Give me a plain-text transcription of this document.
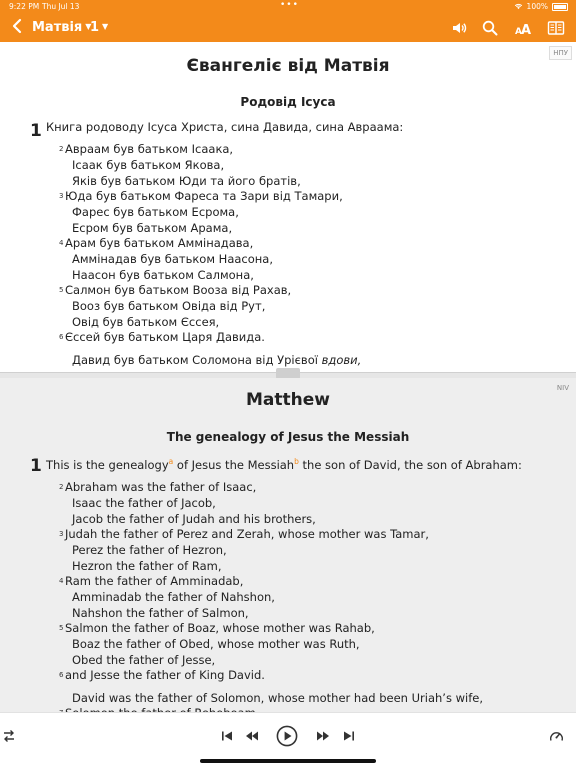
9:22 PM Thu Jul 13	•••	100%
Матвія ▼
1 ▼
A A
НПУ
Євангеліє від Матвія
Родовід Ісуса
1 Книга родоводу Ісуса Христа, сина Давида, сина Авраама:
2 Авраам був батьком Ісаака,
Ісаак був батьком Якова,
Яків був батьком Юди та його братів,
3 Юда був батьком Фареса та Зари від Тамари,
Фарес був батьком Есрома,
Есром був батьком Арама,
4 Арам був батьком Аммінадава,
Аммінадав був батьком Наасона,
Наасон був батьком Салмона,
5 Салмон був батьком Вооза від Рахав,
Вооз був батьком Овіда від Рут,
Овід був батьком Єссея,
6 Єссей був батьком Царя Давида.
Давид був батьком Соломона від Урієвої вдови,
NIV
Matthew
The genealogy of Jesus the Messiah
1 This is the genealogy$^a$ of Jesus the Messiah$^b$ the son of David, the son of Abraham:
2 Abraham was the father of Isaac,
Isaac the father of Jacob,
Jacob the father of Judah and his brothers,
3 Judah the father of Perez and Zerah, whose mother was Tamar,
Perez the father of Hezron,
Hezron the father of Ram,
4 Ram the father of Amminadab,
Amminadab the father of Nahshon,
Nahshon the father of Salmon,
5 Salmon the father of Boaz, whose mother was Rahab,
Boaz the father of Obed, whose mother was Ruth,
Obed the father of Jesse,
6 and Jesse the father of King David.
David was the father of Solomon, whose mother had been Uriah’s wife,
